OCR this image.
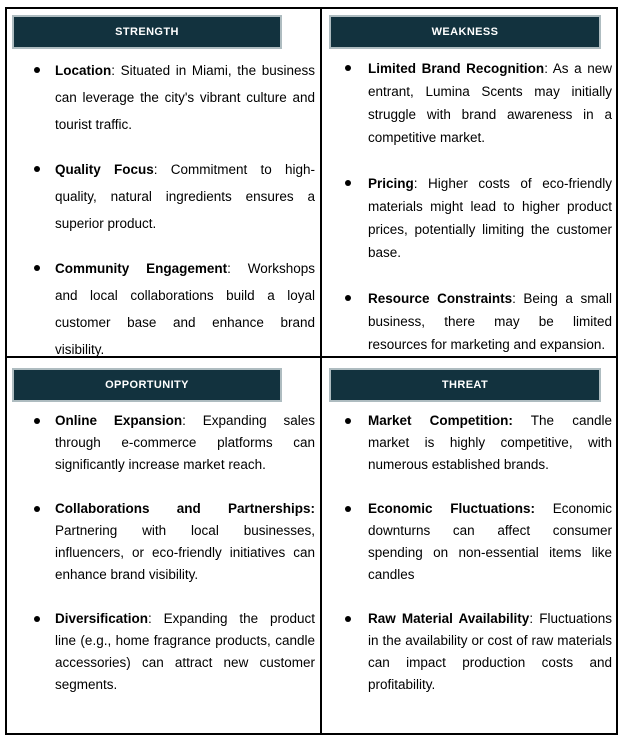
STRENGTH
Location: Situated in Miami, the business can leverage the city's vibrant culture and tourist traffic.
Quality Focus: Commitment to high-quality, natural ingredients ensures a superior product.
Community Engagement: Workshops and local collaborations build a loyal customer base and enhance brand visibility.
WEAKNESS
Limited Brand Recognition: As a new entrant, Lumina Scents may initially struggle with brand awareness in a competitive market.
Pricing: Higher costs of eco-friendly materials might lead to higher product prices, potentially limiting the customer base.
Resource Constraints: Being a small business, there may be limited resources for marketing and expansion.
OPPORTUNITY
Online Expansion: Expanding sales through e-commerce platforms can significantly increase market reach.
Collaborations and Partnerships: Partnering with local businesses, influencers, or eco-friendly initiatives can enhance brand visibility.
Diversification: Expanding the product line (e.g., home fragrance products, candle accessories) can attract new customer segments.
THREAT
Market Competition: The candle market is highly competitive, with numerous established brands.
Economic Fluctuations: Economic downturns can affect consumer spending on non-essential items like candles
Raw Material Availability: Fluctuations in the availability or cost of raw materials can impact production costs and profitability.
